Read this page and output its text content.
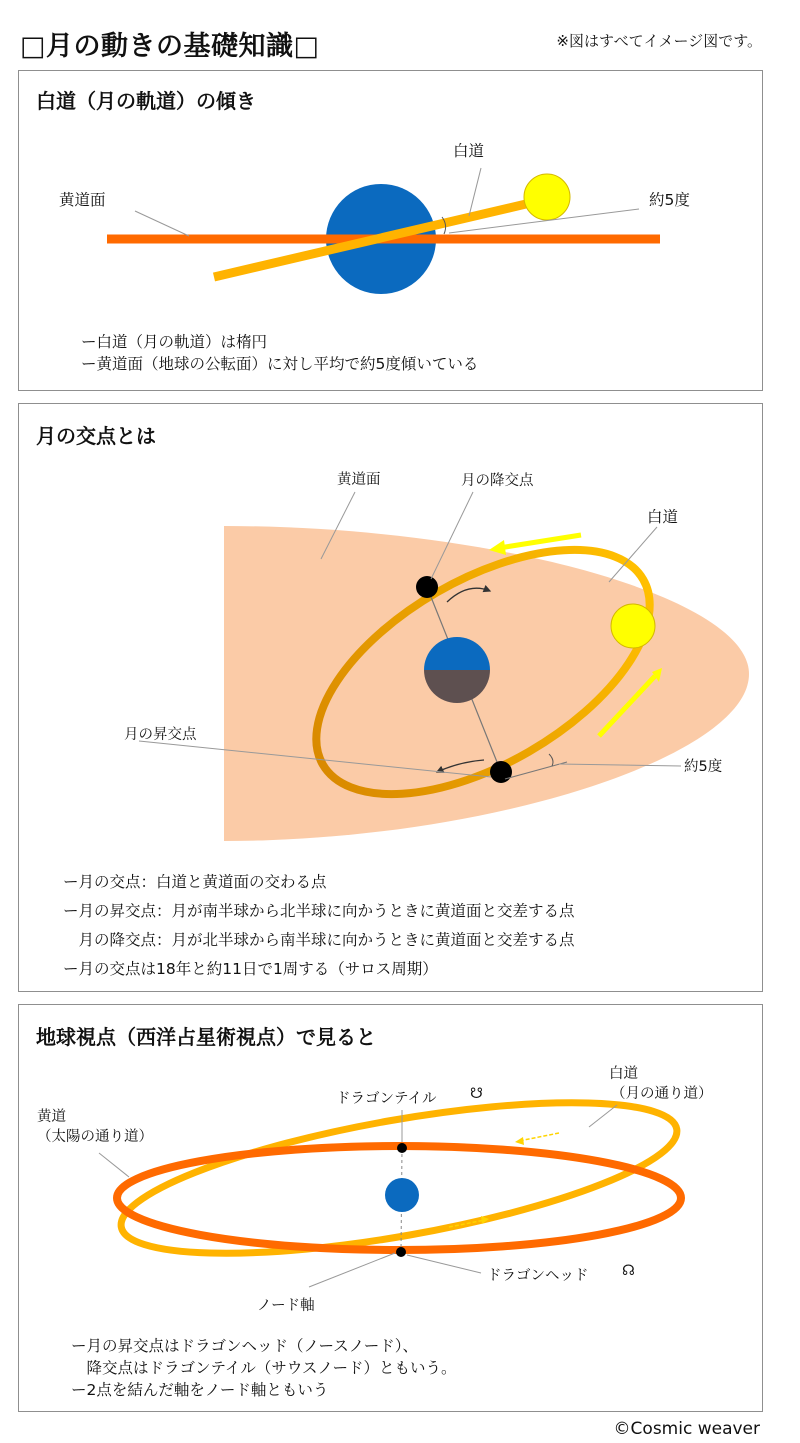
□月の動きの基礎知識□	※図はすべてイメージ図です。
白道（月の軌道）の傾き
黄道面
白道
約5度
ー白道（月の軌道）は楕円
ー黄道面（地球の公転面）に対し平均で約5度傾いている
月の交点とは
黄道面	月の降交点
白道
月の昇交点
約5度
ー月の交点：白道と黄道面の交わる点
ー月の昇交点：月が南半球から北半球に向かうときに黄道面と交差する点
　月の降交点：月が北半球から南半球に向かうときに黄道面と交差する点
ー月の交点は18年と約11日で1周する（サロス周期）
地球視点（西洋占星術視点）で見ると
白道
（月の通り道）
黄道
（太陽の通り道）
ドラゴンテイル ☋
ドラゴンヘッド ☊
ノード軸
ー月の昇交点はドラゴンヘッド（ノースノード）、
　降交点はドラゴンテイル（サウスノード）ともいう。
ー2点を結んだ軸をノード軸ともいう
©Cosmic weaver
